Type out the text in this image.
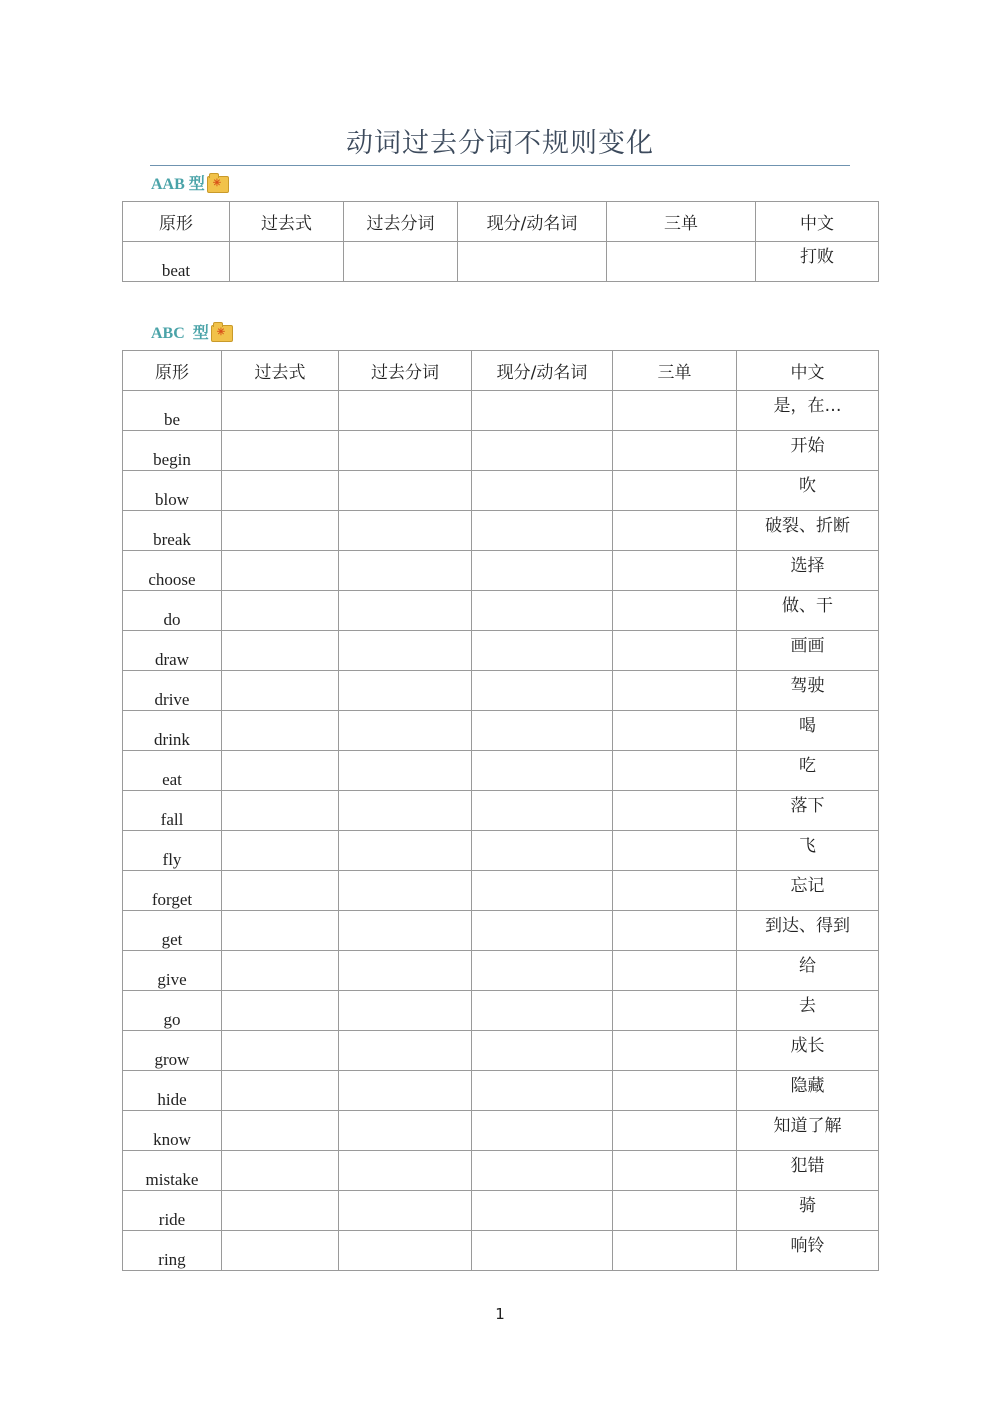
动词过去分词不规则变化
AAB 型
✳
原形	过去式	过去分词	现分/动名词	三单	中文
beat					打败
ABC  型
✳
原形	过去式	过去分词	现分/动名词	三单	中文
be					是，在…
begin					开始
blow					吹
break					破裂、折断
choose					选择
do					做、干
draw					画画
drive					驾驶
drink					喝
eat					吃
fall					落下
fly					飞
forget					忘记
get					到达、得到
give					给
go					去
grow					成长
hide					隐藏
know					知道了解
mistake					犯错
ride					骑
ring					响铃
1
